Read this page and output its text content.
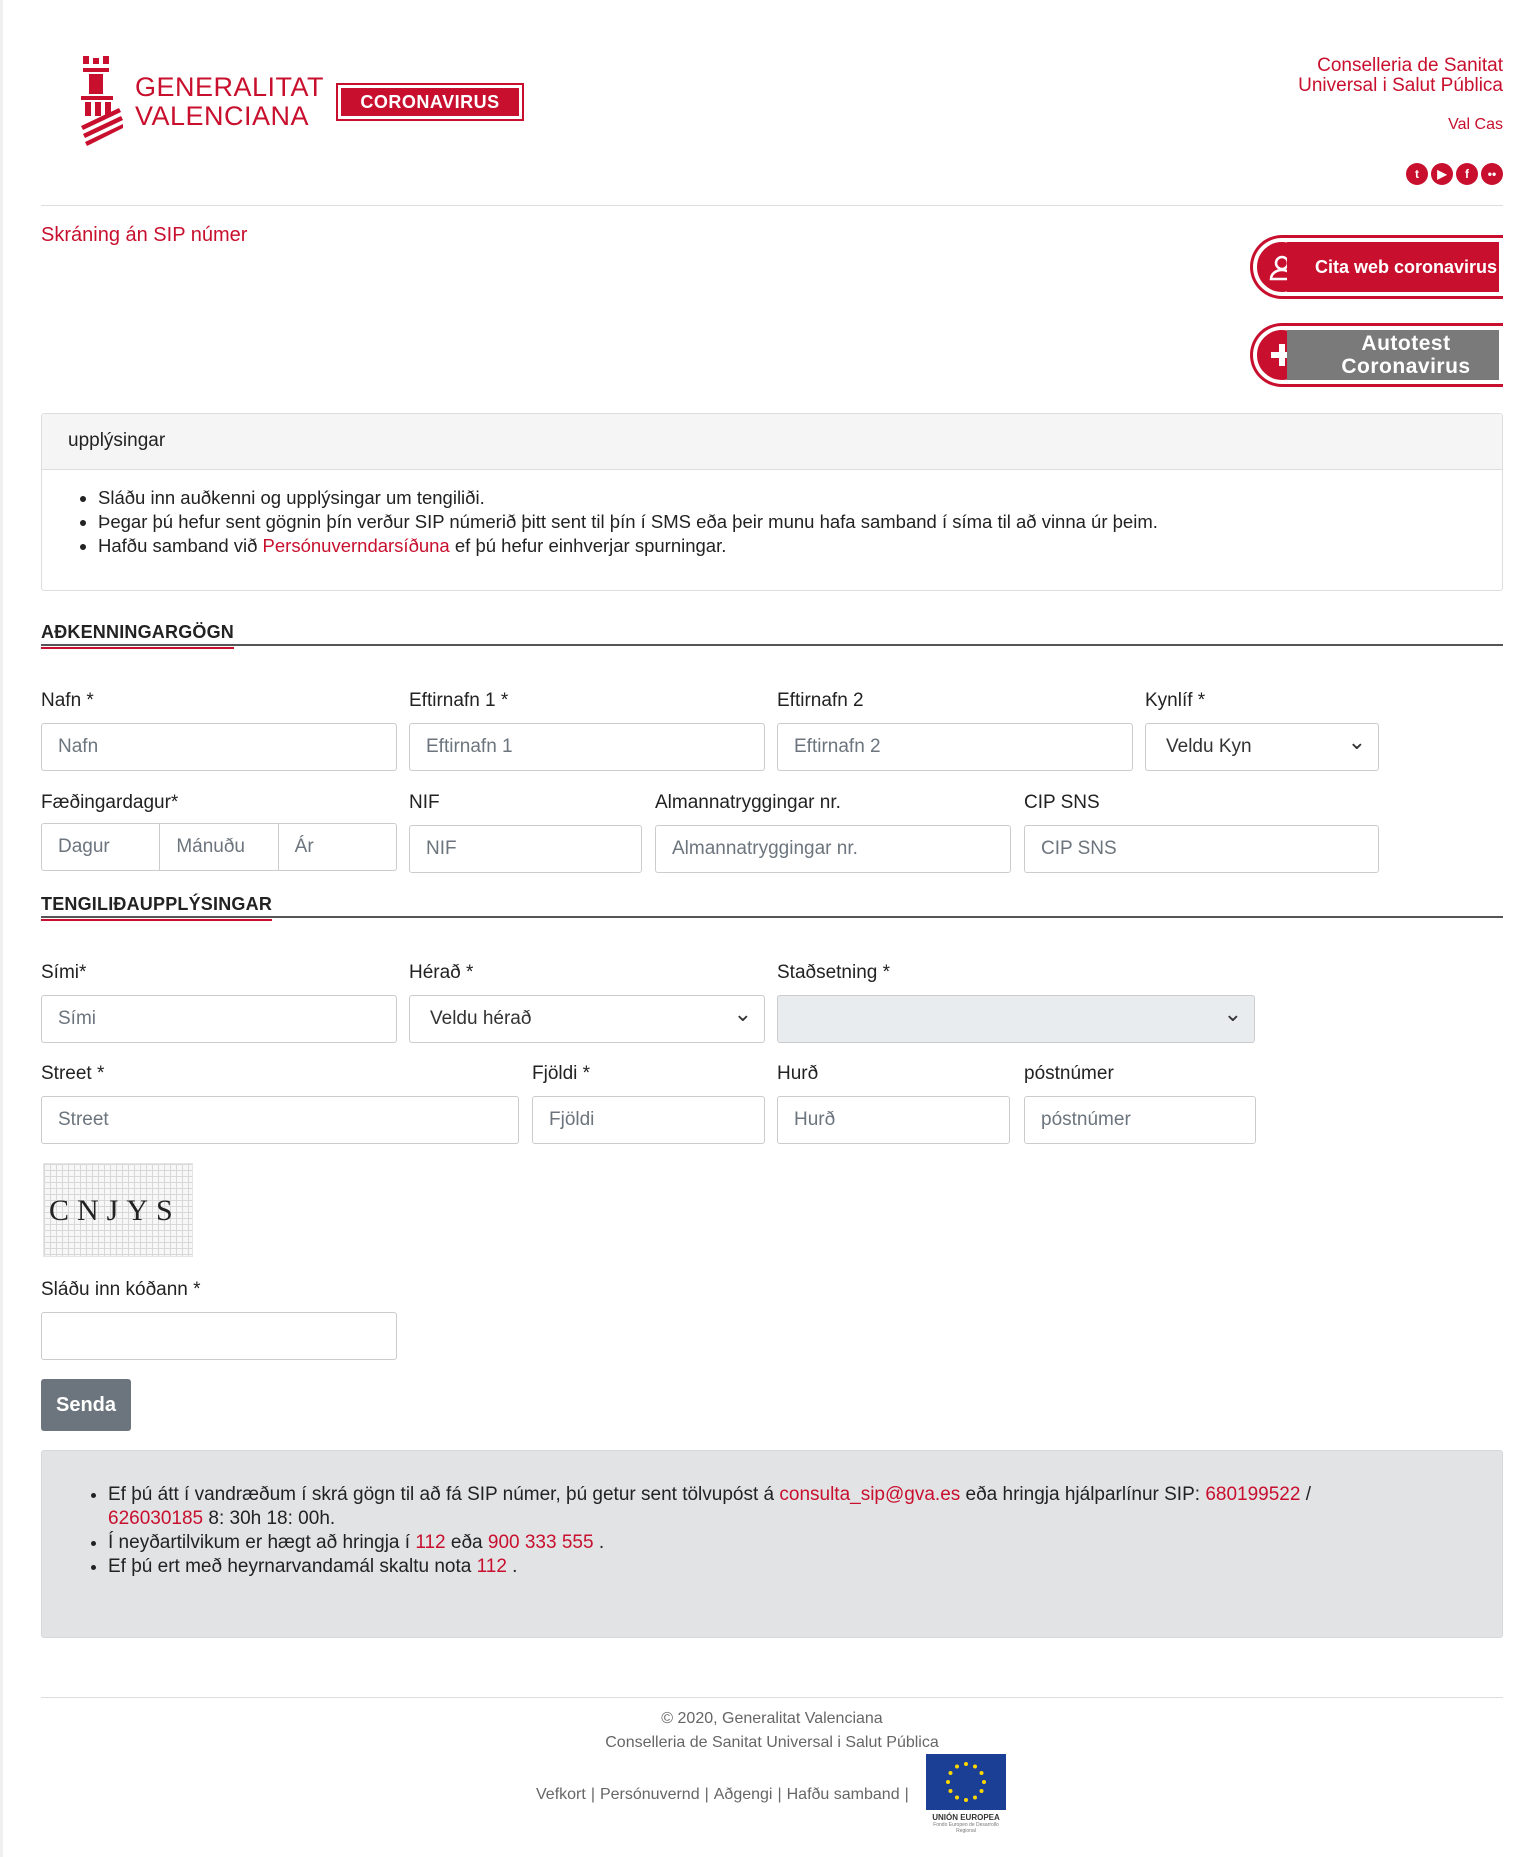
GENERALITAT
VALENCIANA	CORONAVIRUS
Conselleria de Sanitat
Universal i Salut Pública
Val Cas
t	▶	f	••
Skráning án SIP númer
Cita web coronavirus
Autotest
Coronavirus
upplýsingar
• Sláðu inn auðkenni og upplýsingar um tengiliði.
• Þegar þú hefur sent gögnin þín verður SIP númerið þitt sent til þín í SMS eða þeir munu hafa samband í síma til að vinna úr þeim.
• Hafðu samband við Persónuverndarsíðuna ef þú hefur einhverjar spurningar.
AÐKENNINGARGÖGN
Nafn *
Nafn
Eftirnafn 1 *
Eftirnafn 1
Eftirnafn 2
Eftirnafn 2
Kynlíf *
Veldu Kyn ⌄
Fæðingardagur*
Dagur	Mánuðu	Ár
NIF
NIF
Almannatryggingar nr.
Almannatryggingar nr.
CIP SNS
CIP SNS
TENGILIÐAUPPLÝSINGAR
Sími*
Sími
Hérað *
Veldu hérað ⌄
Staðsetning *
⌄
Street *
Street
Fjöldi *
Fjöldi
Hurð
Hurð
póstnúmer
póstnúmer
CNJYS
Sláðu inn kóðann *
Senda
• Ef þú átt í vandræðum í skrá gögn til að fá SIP númer, þú getur sent tölvupóst á consulta_sip@gva.es eða hringja hjálparlínur SIP: 680199522 /
626030185 8: 30h 18: 00h.
• Í neyðartilvikum er hægt að hringja í 112 eða 900 333 555 .
• Ef þú ert með heyrnarvandamál skaltu nota 112 .
© 2020, Generalitat Valenciana
Conselleria de Sanitat Universal i Salut Pública
Vefkort | Persónuvernd | Aðgengi | Hafðu samband |
UNIÓN EUROPEA
Fondo Europeo de Desarrollo Regional
